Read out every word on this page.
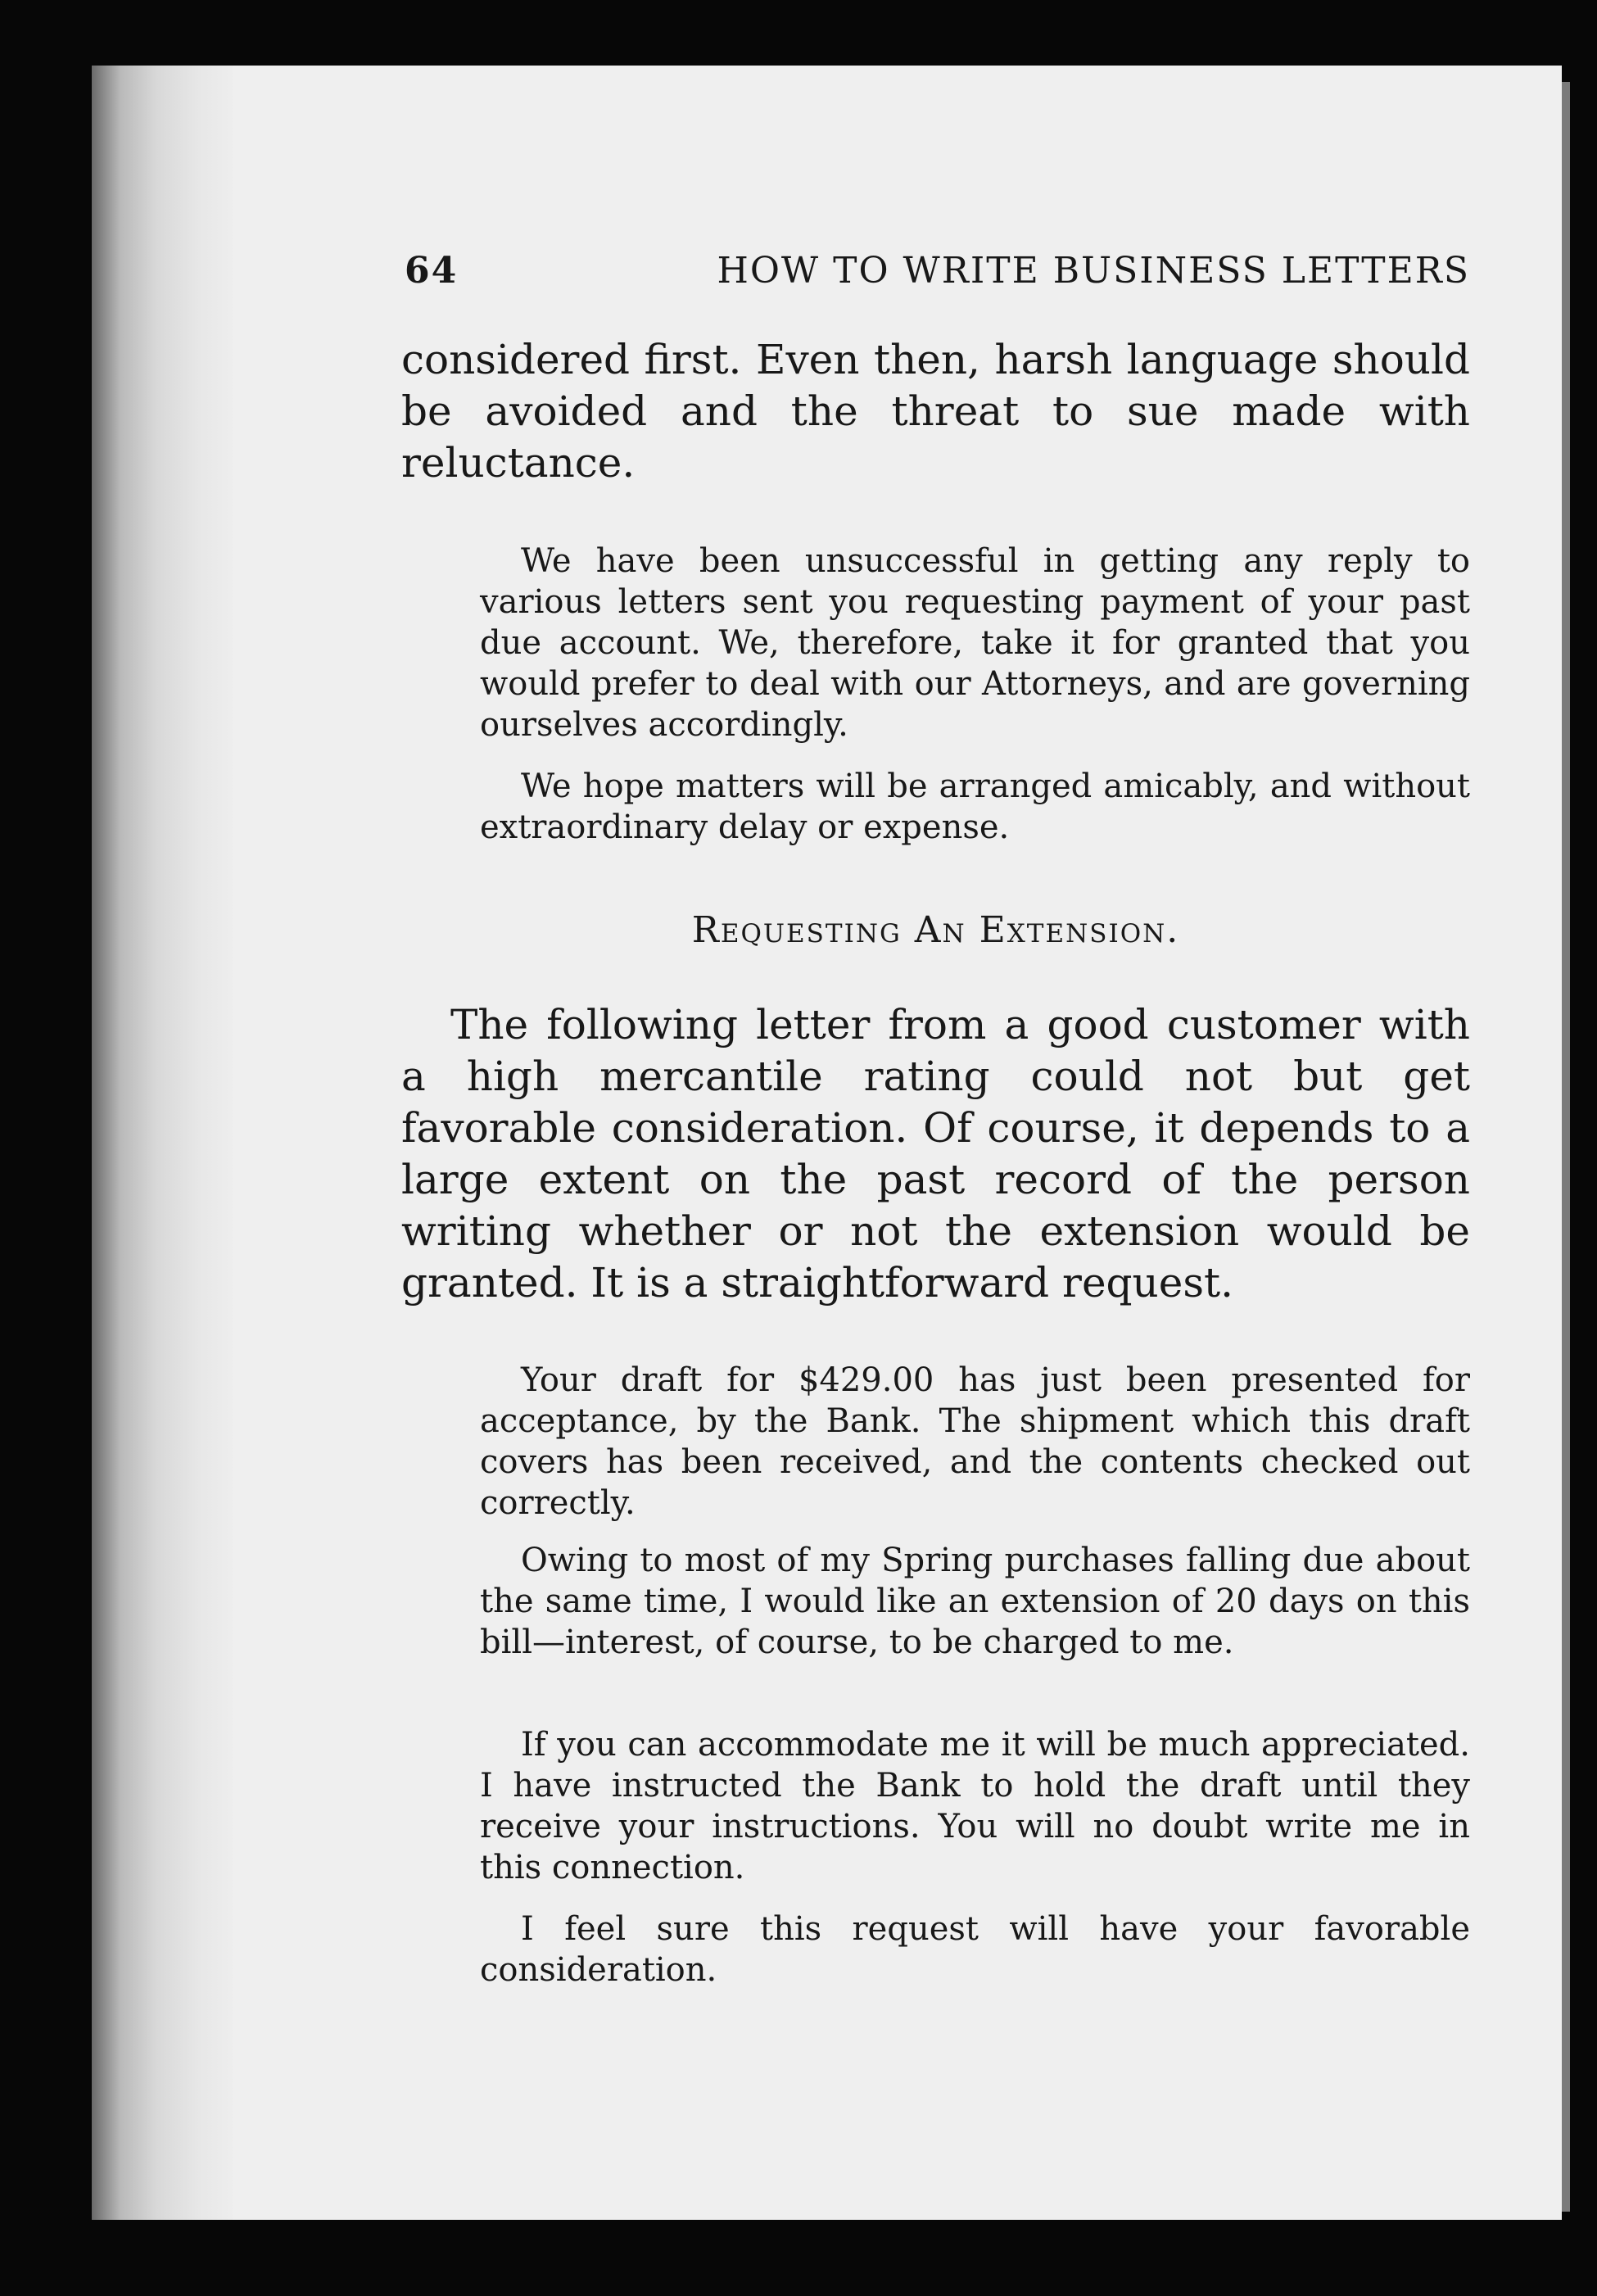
64	HOW TO WRITE BUSINESS LETTERS

considered first. Even then, harsh language should be avoided and the threat to sue made with reluctance.

We have been unsuccessful in getting any reply to various letters sent you requesting payment of your past due account. We, therefore, take it for granted that you would prefer to deal with our Attorneys, and are governing ourselves accordingly.

We hope matters will be arranged amicably, and without extraordinary delay or expense.

Requesting An Extension.

The following letter from a good customer with a high mercantile rating could not but get favorable consideration. Of course, it depends to a large extent on the past record of the person writing whether or not the extension would be granted. It is a straightforward request.

Your draft for $429.00 has just been presented for acceptance, by the Bank. The shipment which this draft covers has been received, and the contents checked out correctly.

Owing to most of my Spring purchases falling due about the same time, I would like an extension of 20 days on this bill—interest, of course, to be charged to me.

If you can accommodate me it will be much appreciated. I have instructed the Bank to hold the draft until they receive your instructions. You will no doubt write me in this connection.

I feel sure this request will have your favorable consideration.
